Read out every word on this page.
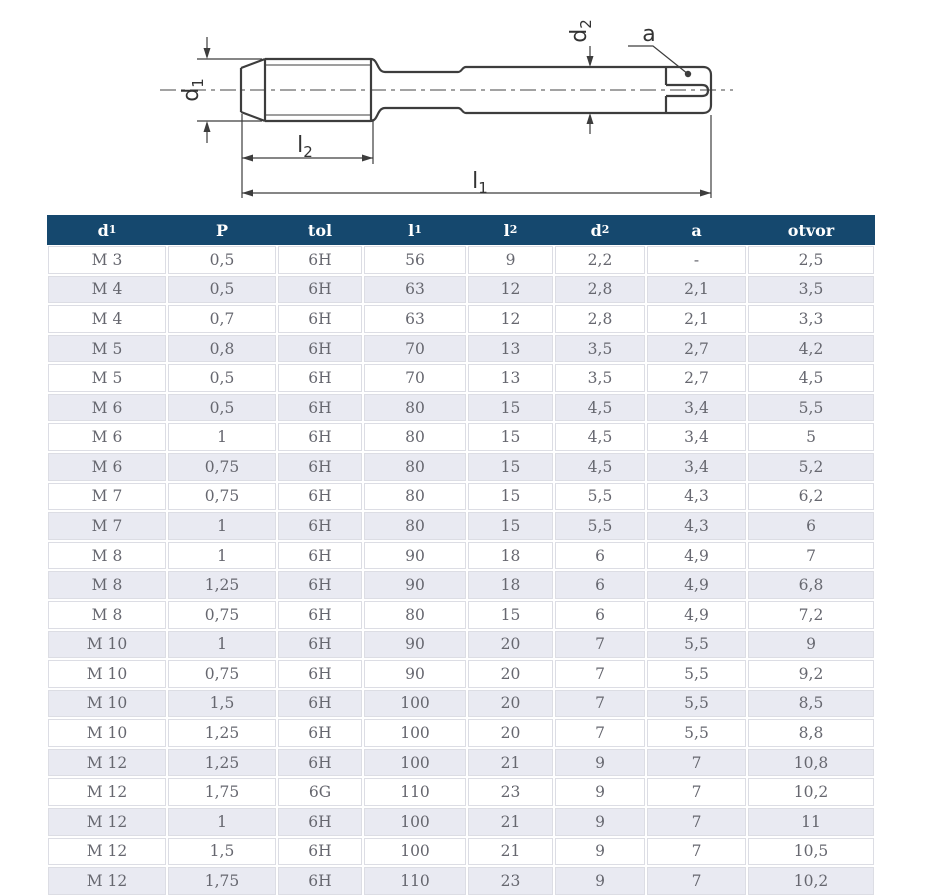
$d_1$
$d_2$
$l_2$
$l_1$
a
d 1	P	tol	l 1	l 2	d 2	a	otvor
M 3	0,5	6H	56	9	2,2	-	2,5
M 4	0,5	6H	63	12	2,8	2,1	3,5
M 4	0,7	6H	63	12	2,8	2,1	3,3
M 5	0,8	6H	70	13	3,5	2,7	4,2
M 5	0,5	6H	70	13	3,5	2,7	4,5
M 6	0,5	6H	80	15	4,5	3,4	5,5
M 6	1	6H	80	15	4,5	3,4	5
M 6	0,75	6H	80	15	4,5	3,4	5,2
M 7	0,75	6H	80	15	5,5	4,3	6,2
M 7	1	6H	80	15	5,5	4,3	6
M 8	1	6H	90	18	6	4,9	7
M 8	1,25	6H	90	18	6	4,9	6,8
M 8	0,75	6H	80	15	6	4,9	7,2
M 10	1	6H	90	20	7	5,5	9
M 10	0,75	6H	90	20	7	5,5	9,2
M 10	1,5	6H	100	20	7	5,5	8,5
M 10	1,25	6H	100	20	7	5,5	8,8
M 12	1,25	6H	100	21	9	7	10,8
M 12	1,75	6G	110	23	9	7	10,2
M 12	1	6H	100	21	9	7	11
M 12	1,5	6H	100	21	9	7	10,5
M 12	1,75	6H	110	23	9	7	10,2
